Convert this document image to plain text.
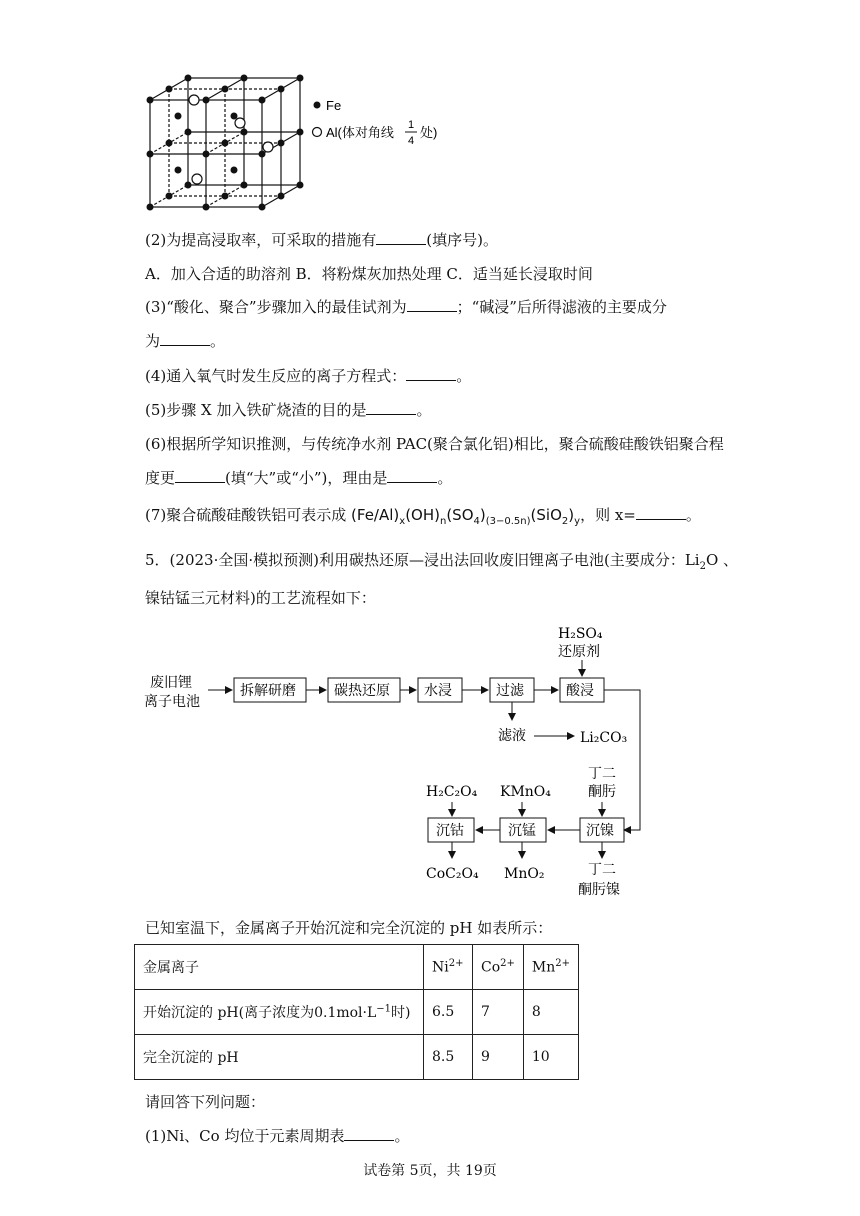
Fe
Al(体对角线 1
4
处)
(2)为提高浸取率，可采取的措施有	(填序号)。
A．加入合适的助溶剂 B．将粉煤灰加热处理 C．适当延长浸取时间
(3)“酸化、聚合”步骤加入的最佳试剂为	；“碱浸”后所得滤液的主要成分
为	。
(4)通入氧气时发生反应的离子方程式：	。
(5)步骤 X 加入铁矿烧渣的目的是	。
(6)根据所学知识推测，与传统净水剂 PAC(聚合氯化铝)相比，聚合硫酸硅酸铁铝聚合程
度更	(填“大”或“小”)，理由是	。
(7)聚合硫酸硅酸铁铝可表示成 $(Fe/Al)_x(OH)_n(SO_4)_{(3-0.5n)}(SiO_2)_y$，则 x=	。
5．(2023·全国·模拟预测)利用碳热还原—浸出法回收废旧锂离子电池(主要成分：$Li_2O$ 、
镍钴锰三元材料)的工艺流程如下：
废旧锂
离子电池
拆解研磨	碳热还原 水浸	过滤	酸浸
H₂SO₄
还原剂
滤液	Li₂CO₃
H₂C₂O₄ KMnO₄
丁二
酮肟
沉钴	沉锰	沉镍
CoC₂O₄ MnO₂	丁二
酮肟镍
已知室温下，金属离子开始沉淀和完全沉淀的 pH 如表所示：
金属离子	$Ni^{2+}$	$Co^{2+}$	$Mn^{2+}$
开始沉淀的 pH(离子浓度为$0.1mol\cdot L^{-1}$时)	6.5	7	8
完全沉淀的 pH	8.5	9	10
请回答下列问题：
(1)Ni、Co 均位于元素周期表	。
试卷第 5页，共 19页
